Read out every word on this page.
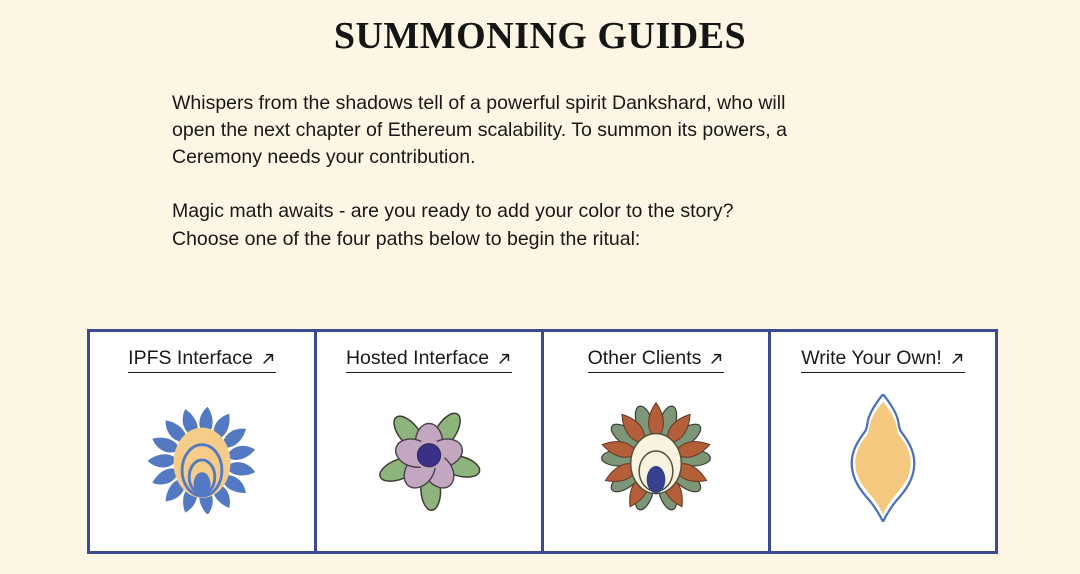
SUMMONING GUIDES
Whispers from the shadows tell of a powerful spirit Dankshard, who will
open the next chapter of Ethereum scalability. To summon its powers, a
Ceremony needs your contribution.
Magic math awaits - are you ready to add your color to the story?
Choose one of the four paths below to begin the ritual:
IPFS Interface	Hosted Interface	Other Clients	Write Your Own!
